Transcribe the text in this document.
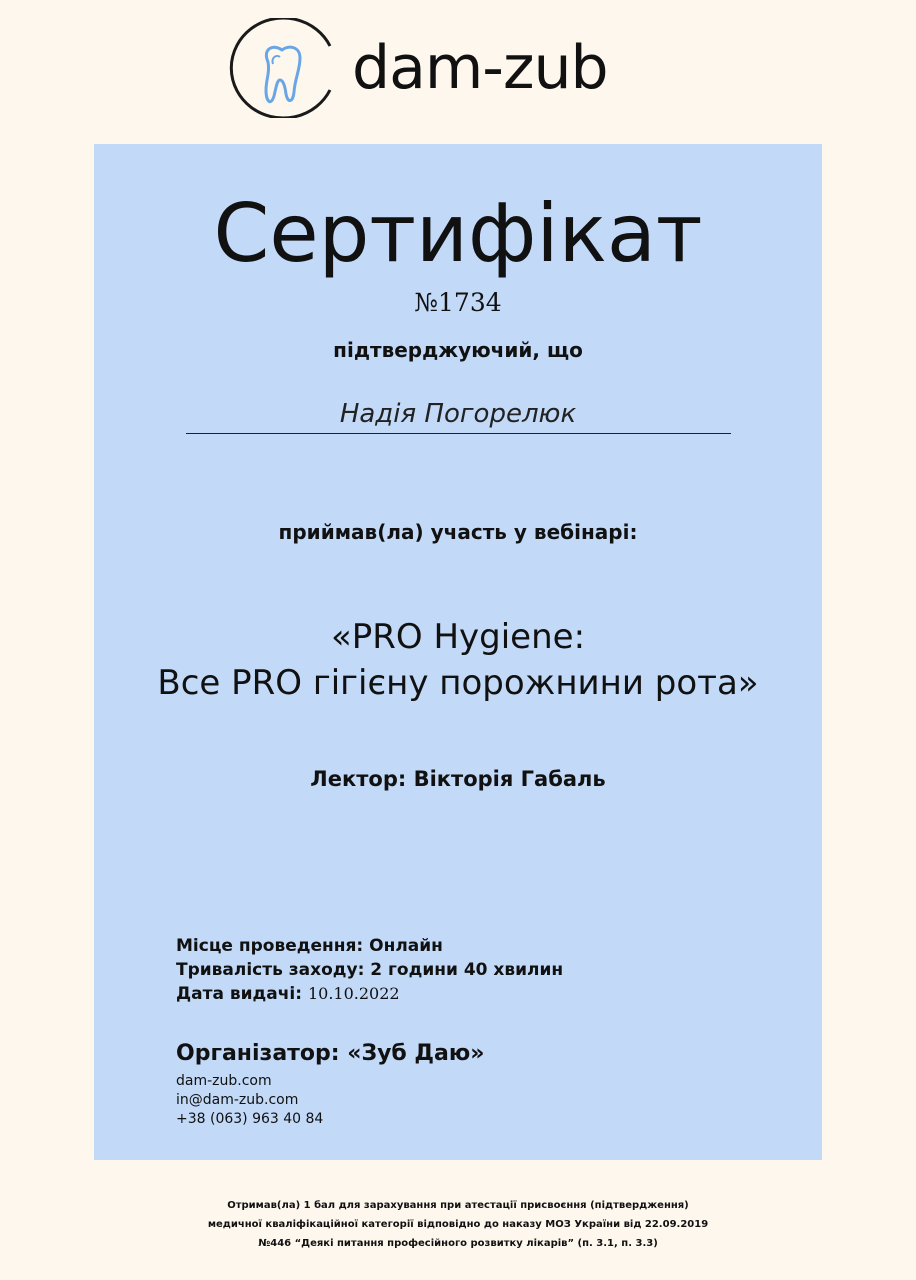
dam-zub
Сертифікат
№1734
підтверджуючий, що
Надія Погорелюк
приймав(ла) участь у вебінарі:
«PRO Hygiene:
Все PRO гігієну порожнини рота»
Лектор: Вікторія Габаль
Місце проведення: Онлайн
Тривалість заходу: 2 години 40 хвилин
Дата видачі: 10.10.2022
Організатор: «Зуб Даю»
dam-zub.com
in@dam-zub.com
+38 (063) 963 40 84
Отримав(ла) 1 бал для зарахування при атестації присвоєння (підтвердження)
медичної кваліфікаційної категорії відповідно до наказу МОЗ України від 22.09.2019
№446 “Деякі питання професійного розвитку лікарів” (п. 3.1, п. 3.3)
